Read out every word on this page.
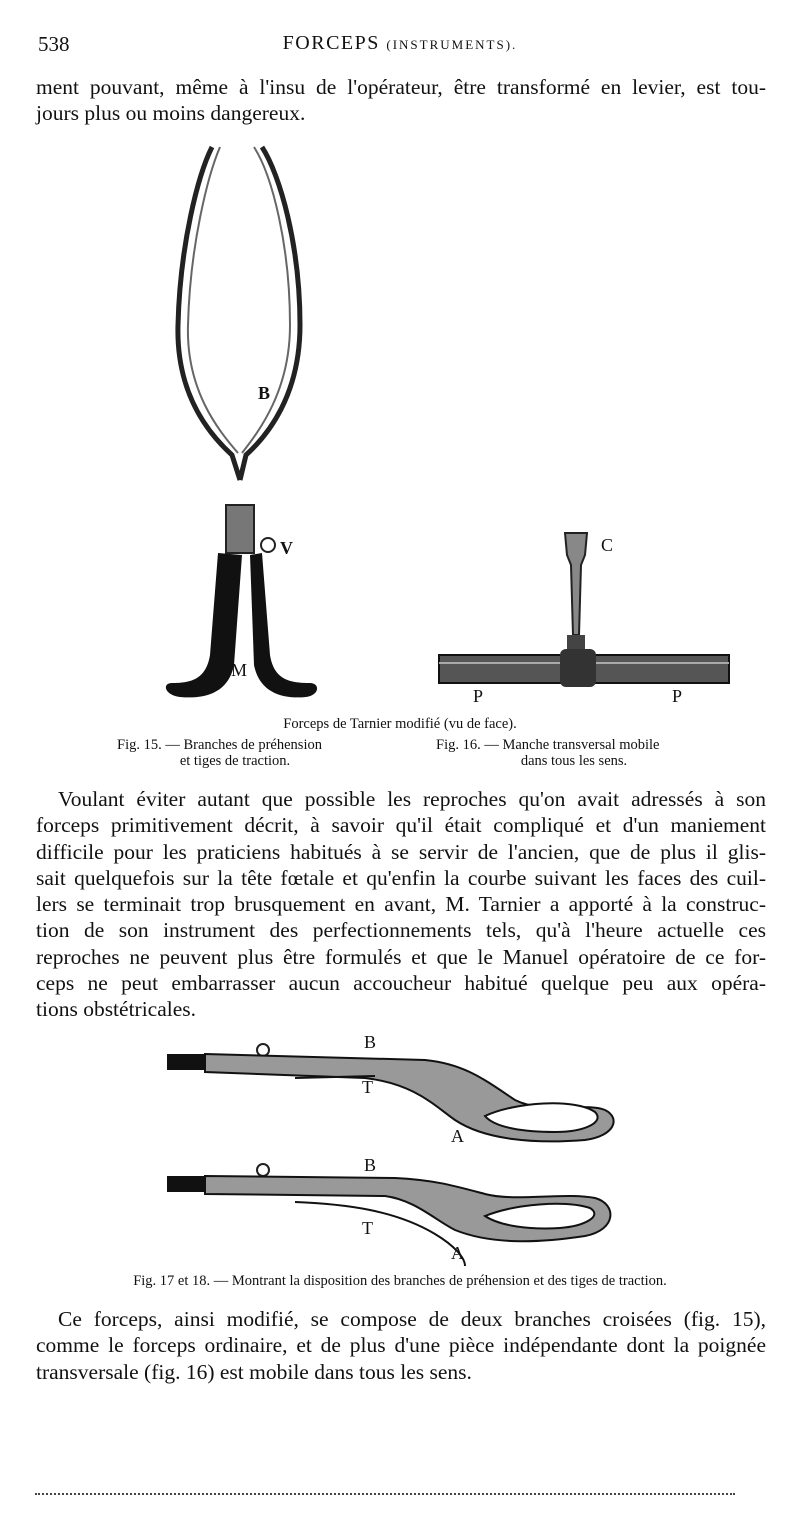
538	FORCEPS (INSTRUMENTS).
ment pouvant, même à l'insu de l'opérateur, être transformé en levier, est tou-
jours plus ou moins dangereux.
B
V
M
C
P	P
Forceps de Tarnier modifié (vu de face).
Fig. 15. — Branches de préhension
et tiges de traction.
Fig. 16. — Manche transversal mobile
dans tous les sens.
Voulant éviter autant que possible les reproches qu'on avait adressés à son
forceps primitivement décrit, à savoir qu'il était compliqué et d'un maniement
difficile pour les praticiens habitués à se servir de l'ancien, que de plus il glis-
sait quelquefois sur la tête fœtale et qu'enfin la courbe suivant les faces des cuil-
lers se terminait trop brusquement en avant, M. Tarnier a apporté à la construc-
tion de son instrument des perfectionnements tels, qu'à l'heure actuelle ces
reproches ne peuvent plus être formulés et que le Manuel opératoire de ce for-
ceps ne peut embarrasser aucun accoucheur habitué quelque peu aux opéra-
tions obstétricales.
B
T
A
B
T
A
Fig. 17 et 18. — Montrant la disposition des branches de préhension et des tiges de traction.
Ce forceps, ainsi modifié, se compose de deux branches croisées (fig. 15),
comme le forceps ordinaire, et de plus d'une pièce indépendante dont la poignée
transversale (fig. 16) est mobile dans tous les sens.
